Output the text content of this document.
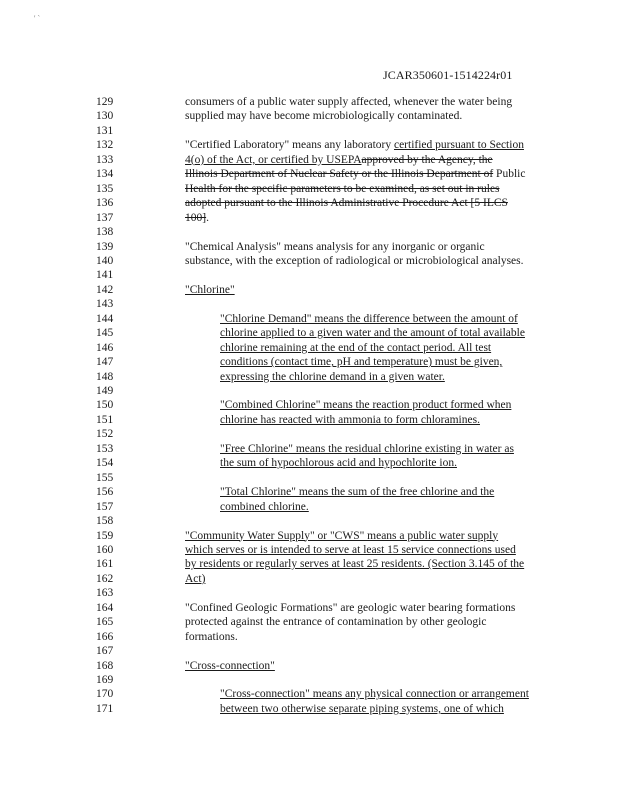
' ˋ
JCAR350601-1514224r01
129	consumers of a public water supply affected, whenever the water being
130	supplied may have become microbiologically contaminated.
131
132	"Certified Laboratory" means any laboratory certified pursuant to Section
133	4(o) of the Act, or certified by USEPAapproved by the Agency, the
134	Illinois Department of Nuclear Safety or the Illinois Department of Public
135	Health for the specific parameters to be examined, as set out in rules
136	adopted pursuant to the Illinois Administrative Procedure Act [5 ILCS
137	100].
138
139	"Chemical Analysis" means analysis for any inorganic or organic
140	substance, with the exception of radiological or microbiological analyses.
141
142	"Chlorine"
143
144	"Chlorine Demand" means the difference between the amount of
145	chlorine applied to a given water and the amount of total available
146	chlorine remaining at the end of the contact period. All test
147	conditions (contact time, pH and temperature) must be given,
148	expressing the chlorine demand in a given water.
149
150	"Combined Chlorine" means the reaction product formed when
151	chlorine has reacted with ammonia to form chloramines.
152
153	"Free Chlorine" means the residual chlorine existing in water as
154	the sum of hypochlorous acid and hypochlorite ion.
155
156	"Total Chlorine" means the sum of the free chlorine and the
157	combined chlorine.
158
159	"Community Water Supply" or "CWS" means a public water supply
160	which serves or is intended to serve at least 15 service connections used
161	by residents or regularly serves at least 25 residents. (Section 3.145 of the
162	Act)
163
164	"Confined Geologic Formations" are geologic water bearing formations
165	protected against the entrance of contamination by other geologic
166	formations.
167
168	"Cross-connection"
169
170	"Cross-connection" means any physical connection or arrangement
171	between two otherwise separate piping systems, one of which
